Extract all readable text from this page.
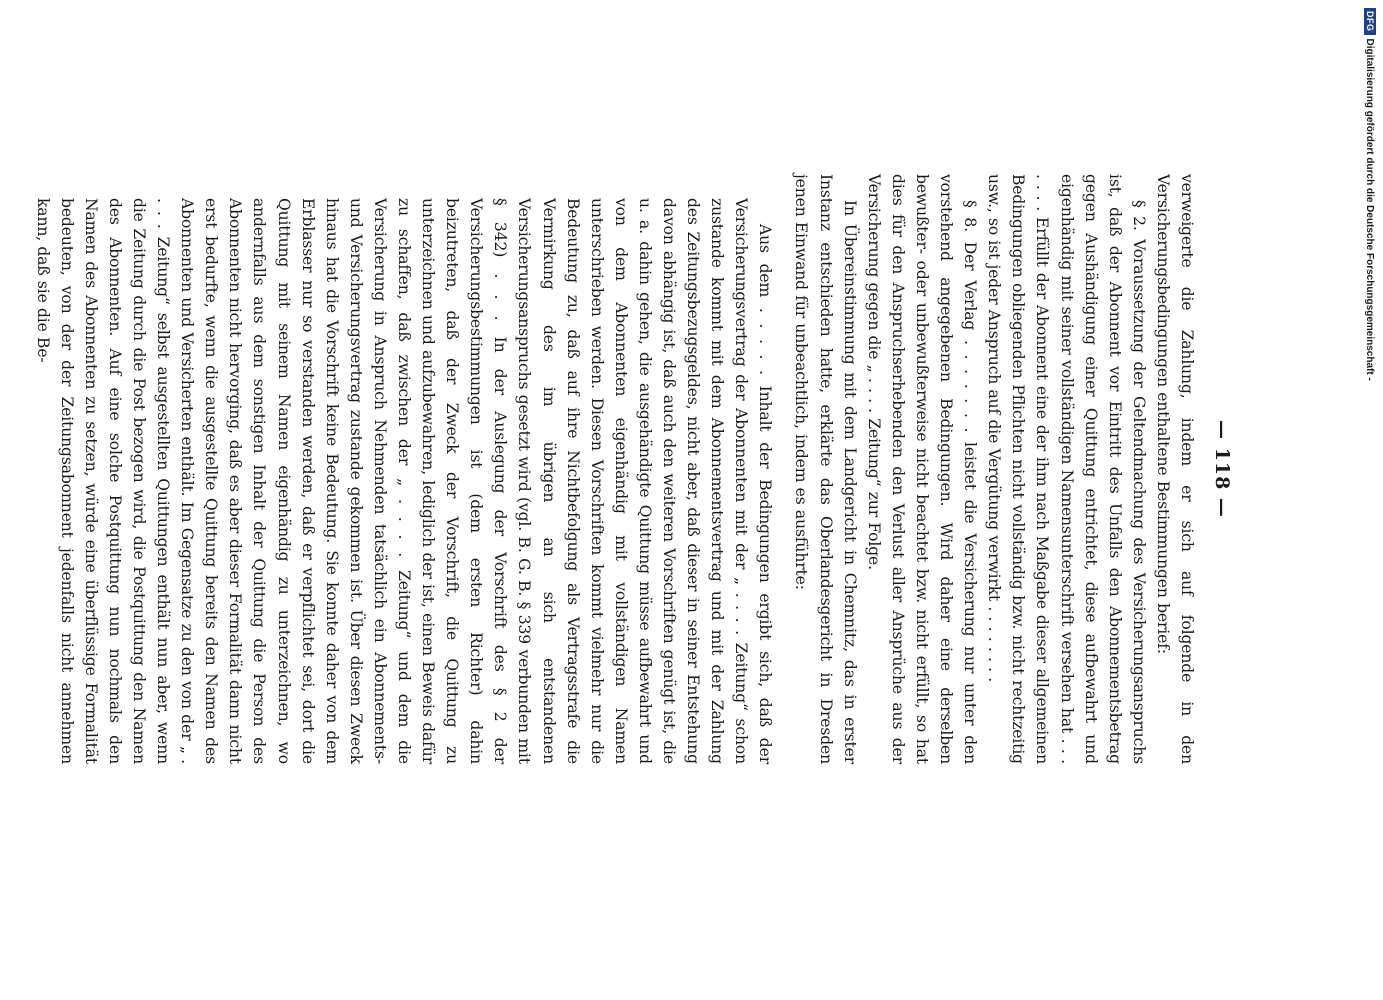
— 118 —

verweigerte die Zahlung, indem er sich auf folgende in den Versicherungsbedingungen enthaltene Bestimmungen berief:

§ 2. Voraussetzung der Geltendmachung des Versicherungsanspruchs ist, daß der Abonnent vor Eintritt des Unfalls den Abonnementsbetrag gegen Aushändigung einer Quittung entrichtet, diese aufbewahrt und eigenhändig mit seiner vollständigen Namensunterschrift versehen hat . . . . . . . Erfüllt der Abonnent eine der ihm nach Maßgabe dieser allgemeinen Bedingungen obliegenden Pflichten nicht vollständig bzw. nicht rechtzeitig usw., so ist jeder Anspruch auf die Vergütung verwirkt . . . . . . . .

§ 8. Der Verlag . . . . . . . leistet die Versicherung nur unter den vorstehend angegebenen Bedingungen. Wird daher eine derselben bewußter- oder unbewußterweise nicht beachtet bzw. nicht erfüllt, so hat dies für den Anspruchserhebenden den Verlust aller Ansprüche aus der Versicherung gegen die „ . . . . Zeitung“ zur Folge.

In Übereinstimmung mit dem Landgericht in Chemnitz, das in erster Instanz entschieden hatte, erklärte das Oberlandesgericht in Dresden jenen Einwand für unbeachtlich, indem es ausführte:

Aus dem . . . . . Inhalt der Bedingungen ergibt sich, daß der Versicherungsvertrag der Abonnenten mit der „ . . . . Zeitung“ schon zustande kommt mit dem Abonnementsvertrag und mit der Zahlung des Zeitungsbezugsgeldes, nicht aber, daß dieser in seiner Entstehung davon abhängig ist, daß auch den weiteren Vorschriften genügt ist, die u. a. dahin gehen, die ausgehändigte Quittung müsse aufbewahrt und von dem Abonnenten eigenhändig mit vollständigen Namen unterschrieben werden. Diesen Vorschriften kommt vielmehr nur die Bedeutung zu, daß auf ihre Nichtbefolgung als Vertragsstrafe die Vermirkung des im übrigen an sich entstandenen Versicherungsanspruchs gesetzt wird (vgl. B. G. B. § 339 verbunden mit § 342) . . . In der Auslegung der Vorschrift des § 2 der Versicherungsbestimmungen ist (dem ersten Richter) dahin beizutreten, daß der Zweck der Vorschrift, die Quittung zu unterzeichnen und aufzubewahren, lediglich der ist, einen Beweis dafür zu schaffen, daß zwischen der „ . . . . Zeitung“ und dem die Versicherung in Anspruch Nehmenden tatsächlich ein Abonnements- und Versicherungsvertrag zustande gekommen ist. Über diesen Zweck hinaus hat die Vorschrift keine Bedeutung. Sie konnte daher von dem Erblasser nur so verstanden werden, daß er verpflichtet sei, dort die Quittung mit seinem Namen eigenhändig zu unterzeichnen, wo andernfalls aus dem sonstigen Inhalt der Quittung die Person des Abonnenten nicht hervorging, daß es aber dieser Formalität dann nicht erst bedurfte, wenn die ausgestellte Quittung bereits den Namen des Abonnenten und Versicherten enthält. Im Gegensatze zu den von der „ . . . . Zeitung“ selbst ausgestellten Quittungen enthält nun aber, wenn die Zeitung durch die Post bezogen wird, die Postquittung den Namen des Abonnenten. Auf eine solche Postquittung nun nochmals den Namen des Abonnenten zu setzen, würde eine überflüssige Formalität bedeuten, von der der Zeitungsabonnent jedenfalls nicht annehmen kann, daß sie die Be-

DFG
Digitalisierung gefördert durch die Deutsche Forschungsgemeinschaft -
